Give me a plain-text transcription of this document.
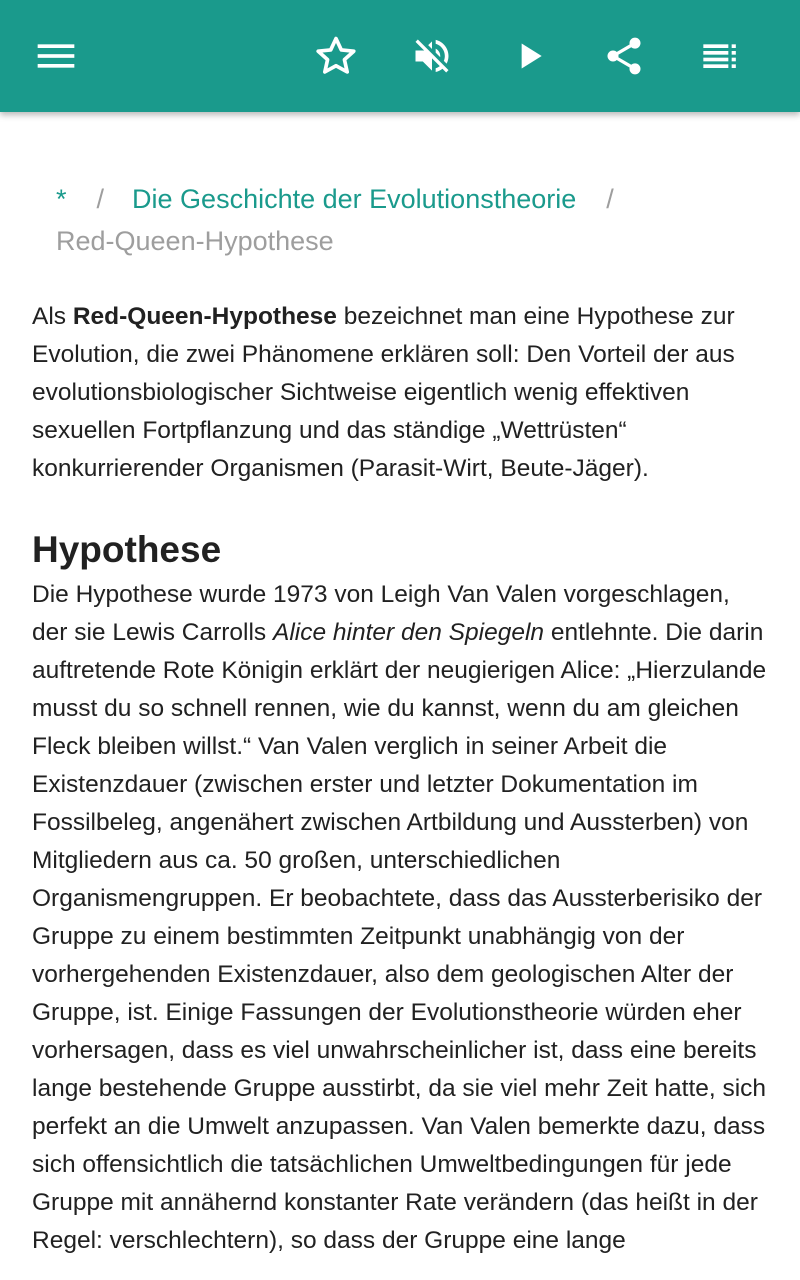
* / Die Geschichte der Evolutionstheorie /
Red-Queen-Hypothese

Als Red-Queen-Hypothese bezeichnet man eine Hypothese zur Evolution, die zwei Phänomene erklären soll: Den Vorteil der aus evolutionsbiologischer Sichtweise eigentlich wenig effektiven sexuellen Fortpflanzung und das ständige „Wettrüsten“ konkurrierender Organismen (Parasit-Wirt, Beute-Jäger).

Hypothese

Die Hypothese wurde 1973 von Leigh Van Valen vorgeschlagen, der sie Lewis Carrolls Alice hinter den Spiegeln entlehnte. Die darin auftretende Rote Königin erklärt der neugierigen Alice: „Hierzulande musst du so schnell rennen, wie du kannst, wenn du am gleichen Fleck bleiben willst.“ Van Valen verglich in seiner Arbeit die Existenzdauer (zwischen erster und letzter Dokumentation im Fossilbeleg, angenähert zwischen Artbildung und Aussterben) von Mitgliedern aus ca. 50 großen, unterschiedlichen Organismengruppen. Er beobachtete, dass das Aussterberisiko der Gruppe zu einem bestimmten Zeitpunkt unabhängig von der vorhergehenden Existenzdauer, also dem geologischen Alter der Gruppe, ist. Einige Fassungen der Evolutionstheorie würden eher vorhersagen, dass es viel unwahrscheinlicher ist, dass eine bereits lange bestehende Gruppe ausstirbt, da sie viel mehr Zeit hatte, sich perfekt an die Umwelt anzupassen. Van Valen bemerkte dazu, dass sich offensichtlich die tatsächlichen Umweltbedingungen für jede Gruppe mit annähernd konstanter Rate verändern (das heißt in der Regel: verschlechtern), so dass der Gruppe eine lange
